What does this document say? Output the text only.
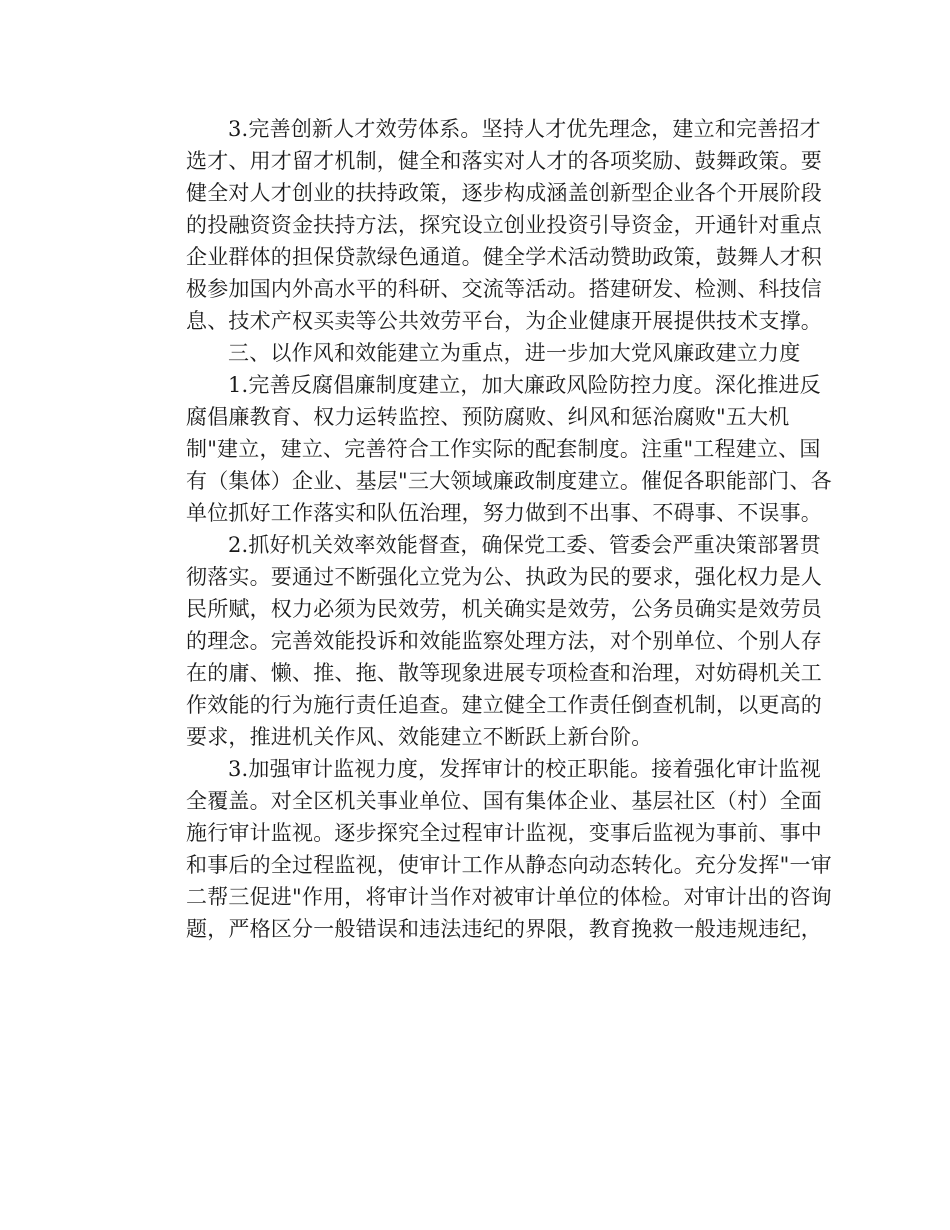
3.完善创新人才效劳体系。坚持人才优先理念，建立和完善招才
选才、用才留才机制，健全和落实对人才的各项奖励、鼓舞政策。要
健全对人才创业的扶持政策，逐步构成涵盖创新型企业各个开展阶段
的投融资资金扶持方法，探究设立创业投资引导资金，开通针对重点
企业群体的担保贷款绿色通道。健全学术活动赞助政策，鼓舞人才积
极参加国内外高水平的科研、交流等活动。搭建研发、检测、科技信
息、技术产权买卖等公共效劳平台，为企业健康开展提供技术支撑。
三、以作风和效能建立为重点，进一步加大党风廉政建立力度
1.完善反腐倡廉制度建立，加大廉政风险防控力度。深化推进反
腐倡廉教育、权力运转监控、预防腐败、纠风和惩治腐败"五大机
制"建立，建立、完善符合工作实际的配套制度。注重"工程建立、国
有（集体）企业、基层"三大领域廉政制度建立。催促各职能部门、各
单位抓好工作落实和队伍治理，努力做到不出事、不碍事、不误事。
2.抓好机关效率效能督查，确保党工委、管委会严重决策部署贯
彻落实。要通过不断强化立党为公、执政为民的要求，强化权力是人
民所赋，权力必须为民效劳，机关确实是效劳，公务员确实是效劳员
的理念。完善效能投诉和效能监察处理方法，对个别单位、个别人存
在的庸、懒、推、拖、散等现象进展专项检查和治理，对妨碍机关工
作效能的行为施行责任追查。建立健全工作责任倒查机制，以更高的
要求，推进机关作风、效能建立不断跃上新台阶。
3.加强审计监视力度，发挥审计的校正职能。接着强化审计监视
全覆盖。对全区机关事业单位、国有集体企业、基层社区（村）全面
施行审计监视。逐步探究全过程审计监视，变事后监视为事前、事中
和事后的全过程监视，使审计工作从静态向动态转化。充分发挥"一审
二帮三促进"作用，将审计当作对被审计单位的体检。对审计出的咨询
题，严格区分一般错误和违法违纪的界限，教育挽救一般违规违纪，
